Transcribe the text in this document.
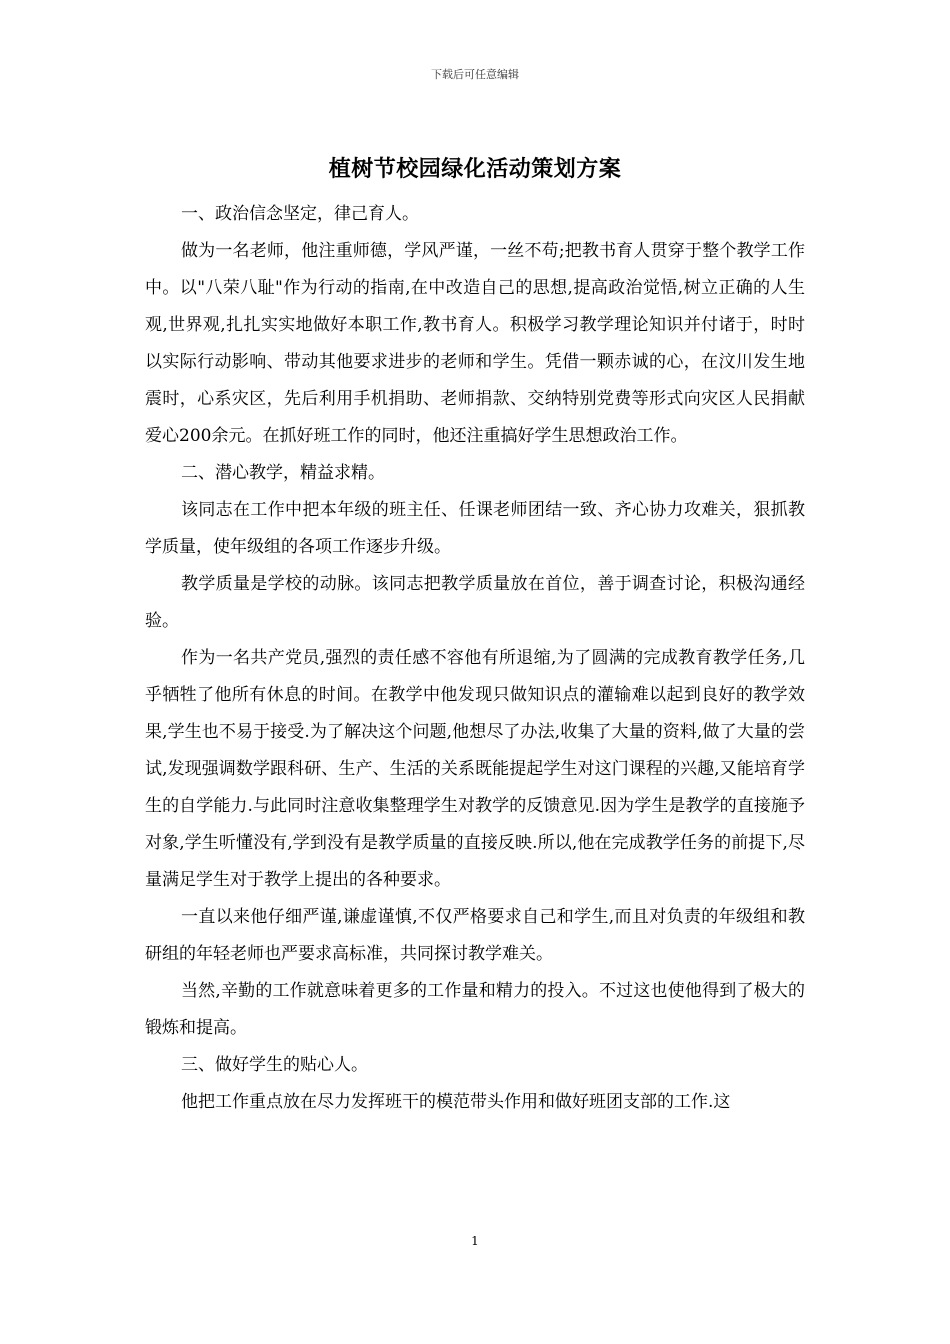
下载后可任意编辑
植树节校园绿化活动策划方案

一、政治信念坚定，律己育人。

做为一名老师，他注重师德，学风严谨，一丝不苟;把教书育人贯穿于整个教学工作中。以"八荣八耻"作为行动的指南,在中改造自己的思想,提高政治觉悟,树立正确的人生观,世界观,扎扎实实地做好本职工作,教书育人。积极学习教学理论知识并付诸于，时时以实际行动影响、带动其他要求进步的老师和学生。凭借一颗赤诚的心，在汶川发生地震时，心系灾区，先后利用手机捐助、老师捐款、交纳特别党费等形式向灾区人民捐献爱心200余元。在抓好班工作的同时，他还注重搞好学生思想政治工作。

二、潜心教学，精益求精。

该同志在工作中把本年级的班主任、任课老师团结一致、齐心协力攻难关，狠抓教学质量，使年级组的各项工作逐步升级。

教学质量是学校的动脉。该同志把教学质量放在首位，善于调查讨论，积极沟通经验。

作为一名共产党员,强烈的责任感不容他有所退缩,为了圆满的完成教育教学任务,几乎牺牲了他所有休息的时间。在教学中他发现只做知识点的灌输难以起到良好的教学效果,学生也不易于接受.为了解决这个问题,他想尽了办法,收集了大量的资料,做了大量的尝试,发现强调数学跟科研、生产、生活的关系既能提起学生对这门课程的兴趣,又能培育学生的自学能力.与此同时注意收集整理学生对教学的反馈意见.因为学生是教学的直接施予对象,学生听懂没有,学到没有是教学质量的直接反映.所以,他在完成教学任务的前提下,尽量满足学生对于教学上提出的各种要求。

一直以来他仔细严谨,谦虚谨慎,不仅严格要求自己和学生,而且对负责的年级组和教研组的年轻老师也严要求高标准，共同探讨教学难关。

当然,辛勤的工作就意味着更多的工作量和精力的投入。不过这也使他得到了极大的锻炼和提高。

三、做好学生的贴心人。

他把工作重点放在尽力发挥班干的模范带头作用和做好班团支部的工作.这

1
